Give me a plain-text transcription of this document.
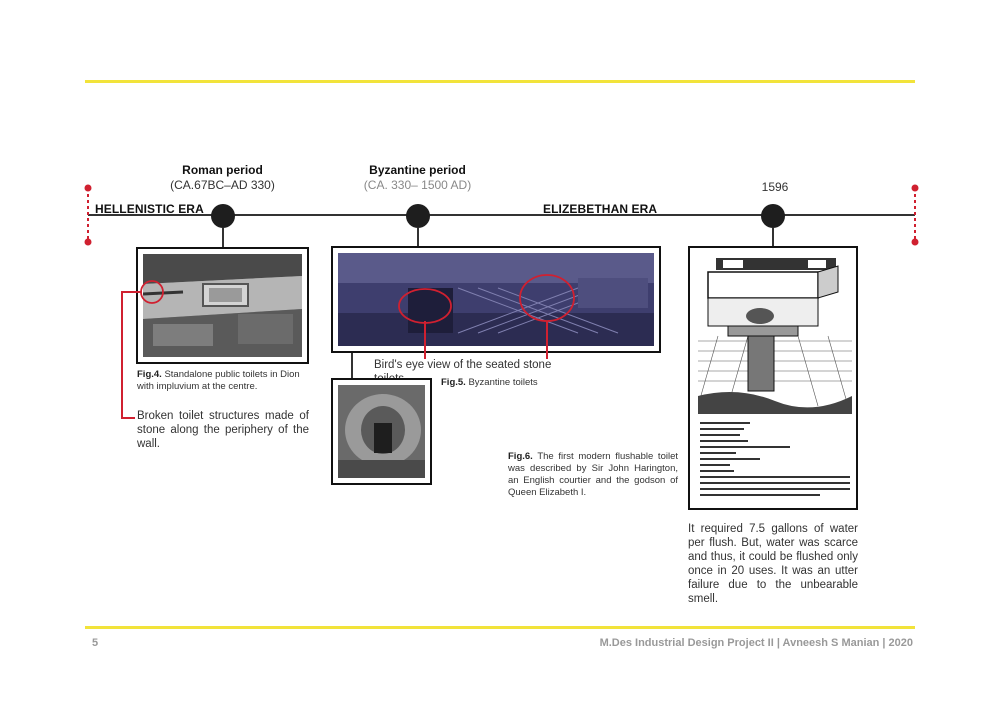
HELLENISTIC ERA	ELIZEBETHAN ERA
Roman period
(CA.67BC–AD 330)
Byzantine period
(CA. 330– 1500 AD)	1596
Fig.4. Standalone public toilets in Dion with impluvium at the centre.
Broken toilet structures made of stone along the periphery of the wall.
Bird's eye view of the seated stone
Fig.5. Byzantine toilets
Fig.6. The first modern flushable toilet was described by Sir John Harington, an English courtier and the godson of Queen Elizabeth I.
It required 7.5 gallons of water per flush. But, water was scarce and thus, it could be flushed only once in 20 uses. It was an utter failure due to the unbearable smell.
5	M.Des Industrial Design Project II | Avneesh S Manian | 2020
